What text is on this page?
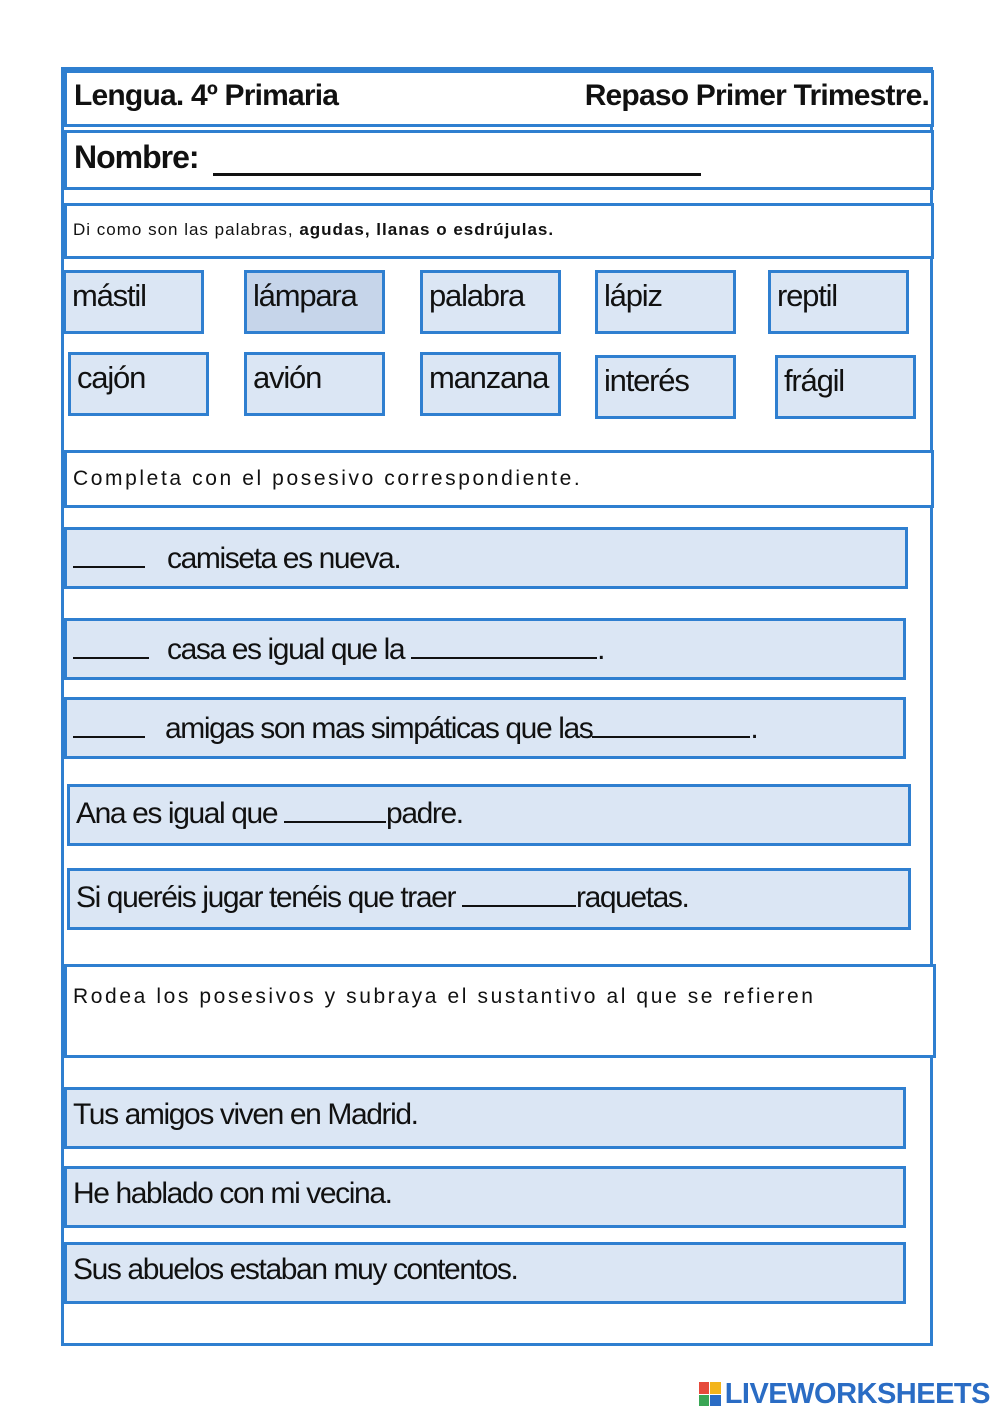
Lengua. 4º Primaria	Repaso Primer Trimestre.
Nombre:
Di como son las palabras, agudas, llanas o esdrújulas.
mástil	lámpara palabra	lápiz	reptil
cajón	avión	manzana interés	frágil
Completa con el posesivo correspondiente.
camiseta es nueva.
casa es igual que la	.
amigas son mas simpáticas que las	.
Ana es igual que	padre.
Si queréis jugar tenéis que traer	raquetas.
Rodea los posesivos y subraya el sustantivo al que se refieren
Tus amigos viven en Madrid.
He hablado con mi vecina.
Sus abuelos estaban muy contentos.
LIVEWORKSHEETS
